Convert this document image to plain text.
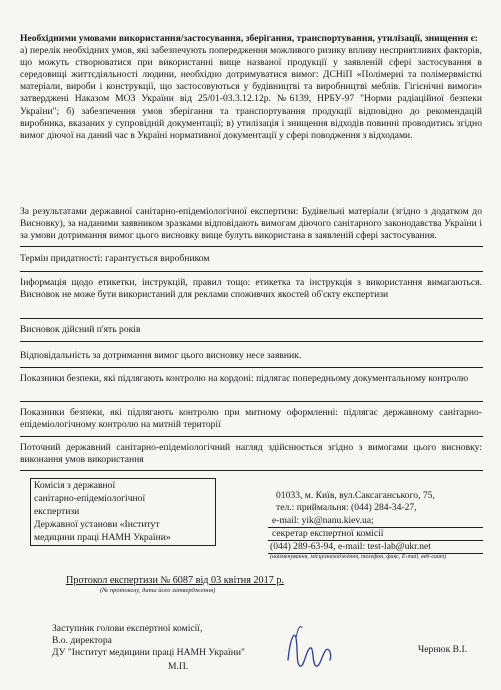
Необхідними умовами використання/застосування, зберігання, транспортування, утилізації, знищення є:

а) перелік необхідних умов, які забезпечують попередження можливого ризику впливу несприятливих факторів, що можуть створюватися при використанні вище названої продукції у заявленій сфері застосування в середовищі життєдіяльності людини, необхідно дотримуватися вимог: ДСНіП «Полімерні та полімервмісткі матеріали, вироби і конструкції, що застосовуються у будівництві та виробництві меблів. Гігієнічні вимоги» затверджені Наказом МОЗ України від 25/01-03.3.12.12р. №6139, НРБУ-97 "Норми радіаційної безпеки України"; б) забезпечення умов зберігання та транспортування продукції відповідно до рекомендацій виробника, вказаних у супровідній документації; в) утилізація і знищення відходів повинні проводитись згідно вимог діючої на даний час в Україні нормативної документації у сфері поводження з відходами.

За результатами державної санітарно-епідеміологічної експертизи: Будівельні матеріали (згідно з додатком до Висновку), за наданими заявником зразками відповідають вимогам діючого санітарного законодавства України і за умови дотримання вимог цього висновку вище булуть використана в заявленій сфері застосування.

Термін придатності: гарантується виробником

Інформація щодо етикетки, інструкцій, правил тощо: етикетка та інструкція з використання вимагаються. Висновок не може бути використаний для реклами споживчих якостей об'єкту експертизи

Висновок дійсний п'ять років

Відповідальність за дотримання вимог цього висновку несе заявник.

Показники безпеки, які підлягають контролю на кордоні: підлягає попередньому документальному контролю

Показники безпеки, які підлягають контролю при митному оформленні: підлягає державному санітарно-епідеміологічному контролю на митній території

Поточний державний санітарно-епідеміологічний нагляд здійснюється згідно з вимогами цього висновку: виконання умов використання

Комісія з державної
санітарно-епідеміологічної
експертизи
Державної установи «Інститут
медицини праці НАМН України»
01033, м. Київ, вул.Саксаганського, 75,
тел.: приймальня: (044) 284-34-27,
e-mail: yik@nanu.kiev.ua;
секретар експертної комісії
(044) 289-63-94, e-mail: test-lab@ukr.net
(найменування, місцезнаходження, телефон, факс, E-mail, веб-сайт)
Протокол експертизи № 6087 від 03 квітня 2017 р.
(№ протоколу, дата його затвердження)
Заступник голови експертної комісії,
В.о. директора
ДУ "Інститут медицини праці НАМН України"	Чернюк В.І.
М.П.
